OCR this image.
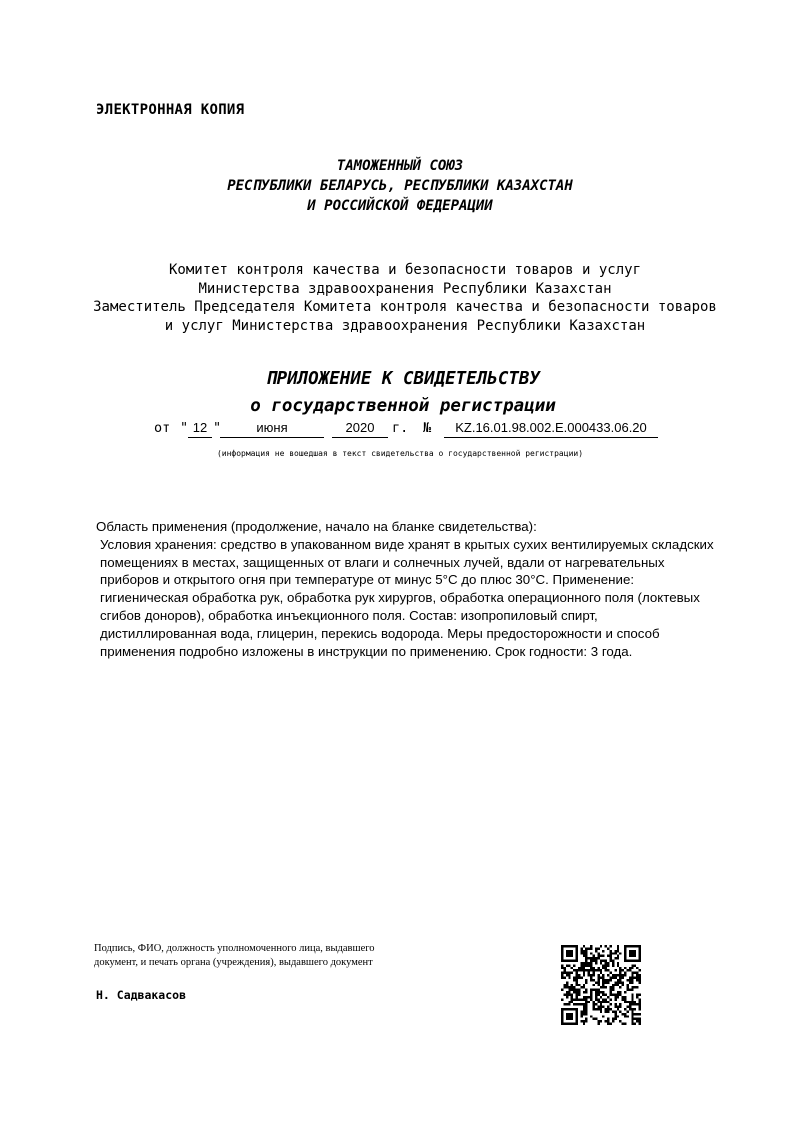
ЭЛЕКТРОННАЯ КОПИЯ
ТАМОЖЕННЫЙ СОЮЗ
РЕСПУБЛИКИ БЕЛАРУСЬ, РЕСПУБЛИКИ КАЗАХСТАН
И РОССИЙСКОЙ ФЕДЕРАЦИИ
Комитет контроля качества и безопасности товаров и услуг
Министерства здравоохранения Республики Казахстан
Заместитель Председателя Комитета контроля качества и безопасности товаров
и услуг Министерства здравоохранения Республики Казахстан
ПРИЛОЖЕНИЕ К СВИДЕТЕЛЬСТВУ
о государственной регистрации
от " 12 "	июня	2020	г. №	KZ.16.01.98.002.E.000433.06.20
(информация не вошедшая в текст свидетельства о государственной регистрации)

Область применения (продолжение, начало на бланке свидетельства):

Условия хранения: средство в упакованном виде хранят в крытых сухих вентилируемых складских помещениях в местах, защищенных от влаги и солнечных лучей, вдали от нагревательных приборов и открытого огня при температуре от минус 5°С до плюс 30°С. Применение: гигиеническая обработка рук, обработка рук хирургов, обработка операционного поля (локтевых сгибов доноров), обработка инъекционного поля. Состав: изопропиловый спирт, дистиллированная вода, глицерин, перекись водорода. Меры предосторожности и способ применения подробно изложены в инструкции по применению. Срок годности: 3 года.

Подпись, ФИО, должность уполномоченного лица, выдавшего
документ, и печать органа (учреждения), выдавшего документ
Н. Садвакасов
